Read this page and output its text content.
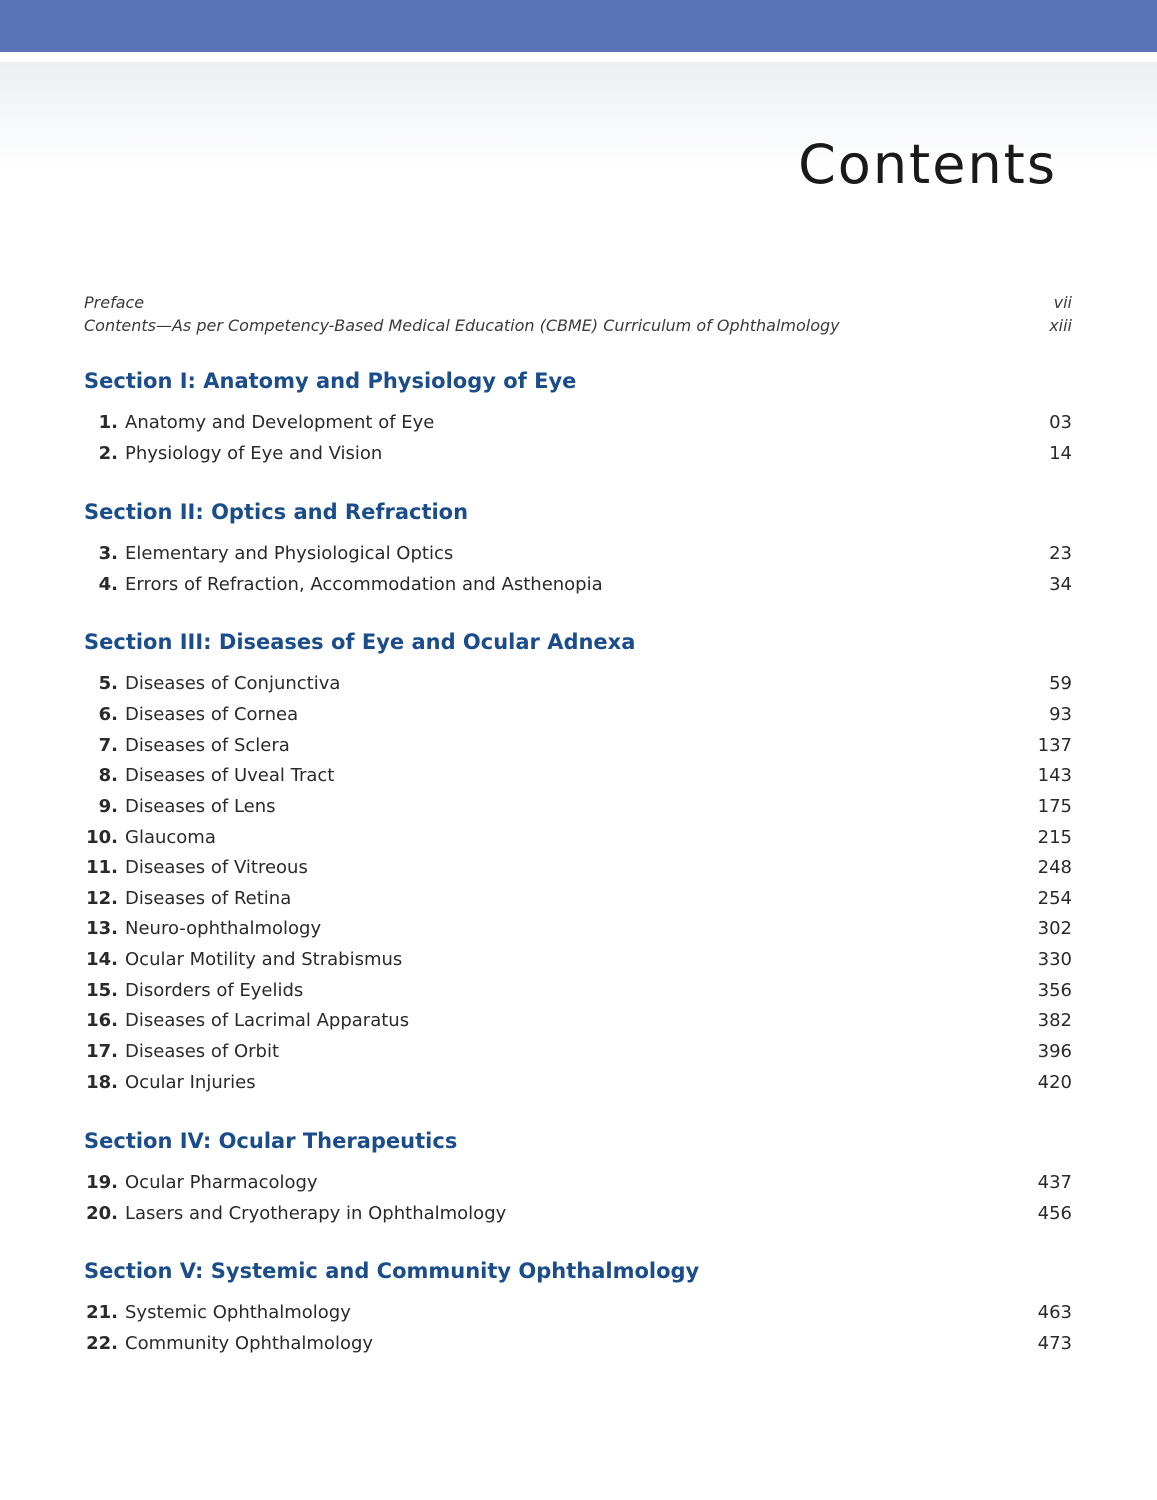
Contents
Preface	vii
Contents—As per Competency-Based Medical Education (CBME) Curriculum of Ophthalmology	xiii
Section I: Anatomy and Physiology of Eye
1. Anatomy and Development of Eye	03
2. Physiology of Eye and Vision	14
Section II: Optics and Refraction
3. Elementary and Physiological Optics	23
4. Errors of Refraction, Accommodation and Asthenopia	34
Section III: Diseases of Eye and Ocular Adnexa
5. Diseases of Conjunctiva	59
6. Diseases of Cornea	93
7. Diseases of Sclera	137
8. Diseases of Uveal Tract	143
9. Diseases of Lens	175
10. Glaucoma	215
11. Diseases of Vitreous	248
12. Diseases of Retina	254
13. Neuro-ophthalmology	302
14. Ocular Motility and Strabismus	330
15. Disorders of Eyelids	356
16. Diseases of Lacrimal Apparatus	382
17. Diseases of Orbit	396
18. Ocular Injuries	420
Section IV: Ocular Therapeutics
19. Ocular Pharmacology	437
20. Lasers and Cryotherapy in Ophthalmology	456
Section V: Systemic and Community Ophthalmology
21. Systemic Ophthalmology	463
22. Community Ophthalmology	473
